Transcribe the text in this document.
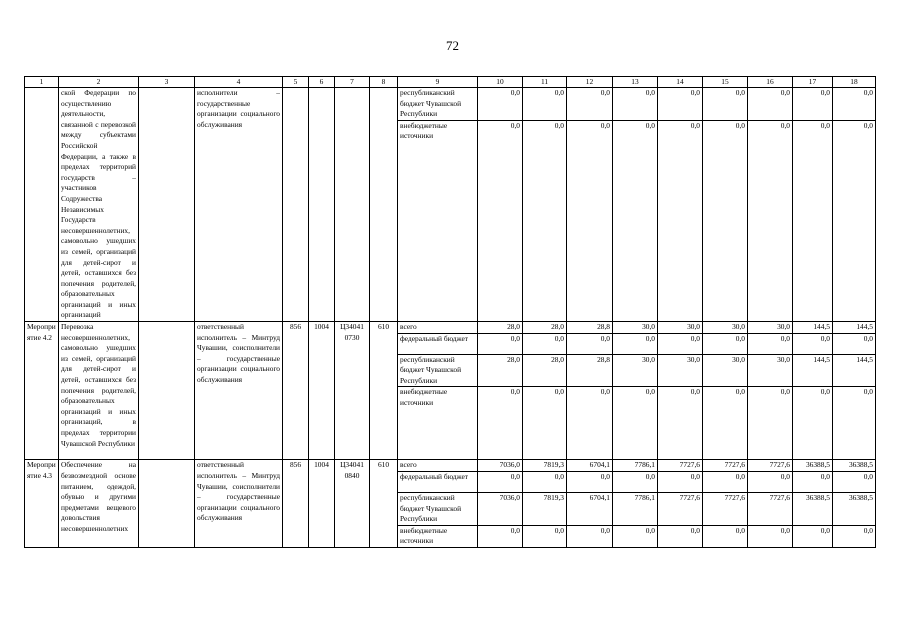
72
1	2	3	4	5	6	7	8	9	10	11	12	13	14	15	16	17	18
	ской Федерации по осуществлению деятельности, связанной с перевозкой между субъектами Российской Федерации, а также в пределах территорий государств – участников Содружества Независимых Государств несовершеннолетних, самовольно ушедших из семей, организаций для детей-сирот и детей, оставшихся без попечения родителей, образовательных организаций и иных организаций		исполнители – государственные организации социального обслуживания					республиканский бюджет Чувашской Республики	0,0	0,0	0,0	0,0	0,0	0,0	0,0	0,0	0,0
								внебюджетные источники	0,0	0,0	0,0	0,0	0,0	0,0	0,0	0,0	0,0
Мероприятие 4.2	Перевозка несовершеннолетних, самовольно ушедших из семей, организаций для детей-сирот и детей, оставшихся без попечения родителей, образовательных организаций и иных организаций, в пределах территории Чувашской Республики		ответственный исполнитель – Минтруд Чувашии, соисполнители – государственные организации социального обслуживания	856	1004	Ц34041 0730	610	всего	28,0	28,0	28,8	30,0	30,0	30,0	30,0	144,5	144,5
								федеральный бюджет	0,0	0,0	0,0	0,0	0,0	0,0	0,0	0,0	0,0
								республиканский бюджет Чувашской Республики	28,0	28,0	28,8	30,0	30,0	30,0	30,0	144,5	144,5
								внебюджетные источники	0,0	0,0	0,0	0,0	0,0	0,0	0,0	0,0	0,0
Мероприятие 4.3	Обеспечение на безвозмездной основе питанием, одеждой, обувью и другими предметами вещевого довольствия несовершеннолетних		ответственный исполнитель – Минтруд Чувашии, соисполнители – государственные организации социального обслуживания	856	1004	Ц34041 0840	610	всего	7036,0	7819,3	6704,1	7786,1	7727,6	7727,6	7727,6	36388,5	36388,5
								федеральный бюджет	0,0	0,0	0,0	0,0	0,0	0,0	0,0	0,0	0,0
								республиканский бюджет Чувашской Республики	7036,0	7819,3	6704,1	7786,1	7727,6	7727,6	7727,6	36388,5	36388,5
								внебюджетные источники	0,0	0,0	0,0	0,0	0,0	0,0	0,0	0,0	0,0
